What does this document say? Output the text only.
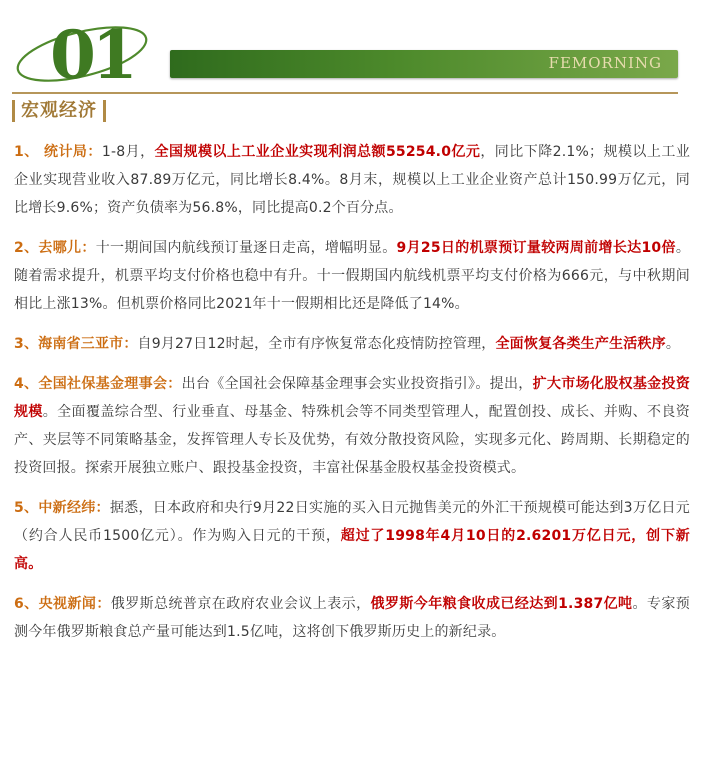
01	FEMORNING
宏观经济

1、 统计局：1-8月，全国规模以上工业企业实现利润总额55254.0亿元，同比下降2.1%；规模以上工业企业实现营业收入87.89万亿元，同比增长8.4%。8月末，规模以上工业企业资产总计150.99万亿元，同比增长9.6%；资产负债率为56.8%，同比提高0.2个百分点。

2、去哪儿：十一期间国内航线预订量逐日走高，增幅明显。9月25日的机票预订量较两周前增长达10倍。随着需求提升，机票平均支付价格也稳中有升。十一假期国内航线机票平均支付价格为666元，与中秋期间相比上涨13%。但机票价格同比2021年十一假期相比还是降低了14%。

3、海南省三亚市：自9月27日12时起，全市有序恢复常态化疫情防控管理，全面恢复各类生产生活秩序。

4、全国社保基金理事会：出台《全国社会保障基金理事会实业投资指引》。提出，扩大市场化股权基金投资规模。全面覆盖综合型、行业垂直、母基金、特殊机会等不同类型管理人，配置创投、成长、并购、不良资产、夹层等不同策略基金，发挥管理人专长及优势，有效分散投资风险，实现多元化、跨周期、长期稳定的投资回报。探索开展独立账户、跟投基金投资，丰富社保基金股权基金投资模式。

5、中新经纬：据悉，日本政府和央行9月22日实施的买入日元抛售美元的外汇干预规模可能达到3万亿日元（约合人民币1500亿元）。作为购入日元的干预，超过了1998年4月10日的2.6201万亿日元，创下新高。

6、央视新闻：俄罗斯总统普京在政府农业会议上表示，俄罗斯今年粮食收成已经达到1.387亿吨。专家预测今年俄罗斯粮食总产量可能达到1.5亿吨，这将创下俄罗斯历史上的新纪录。
